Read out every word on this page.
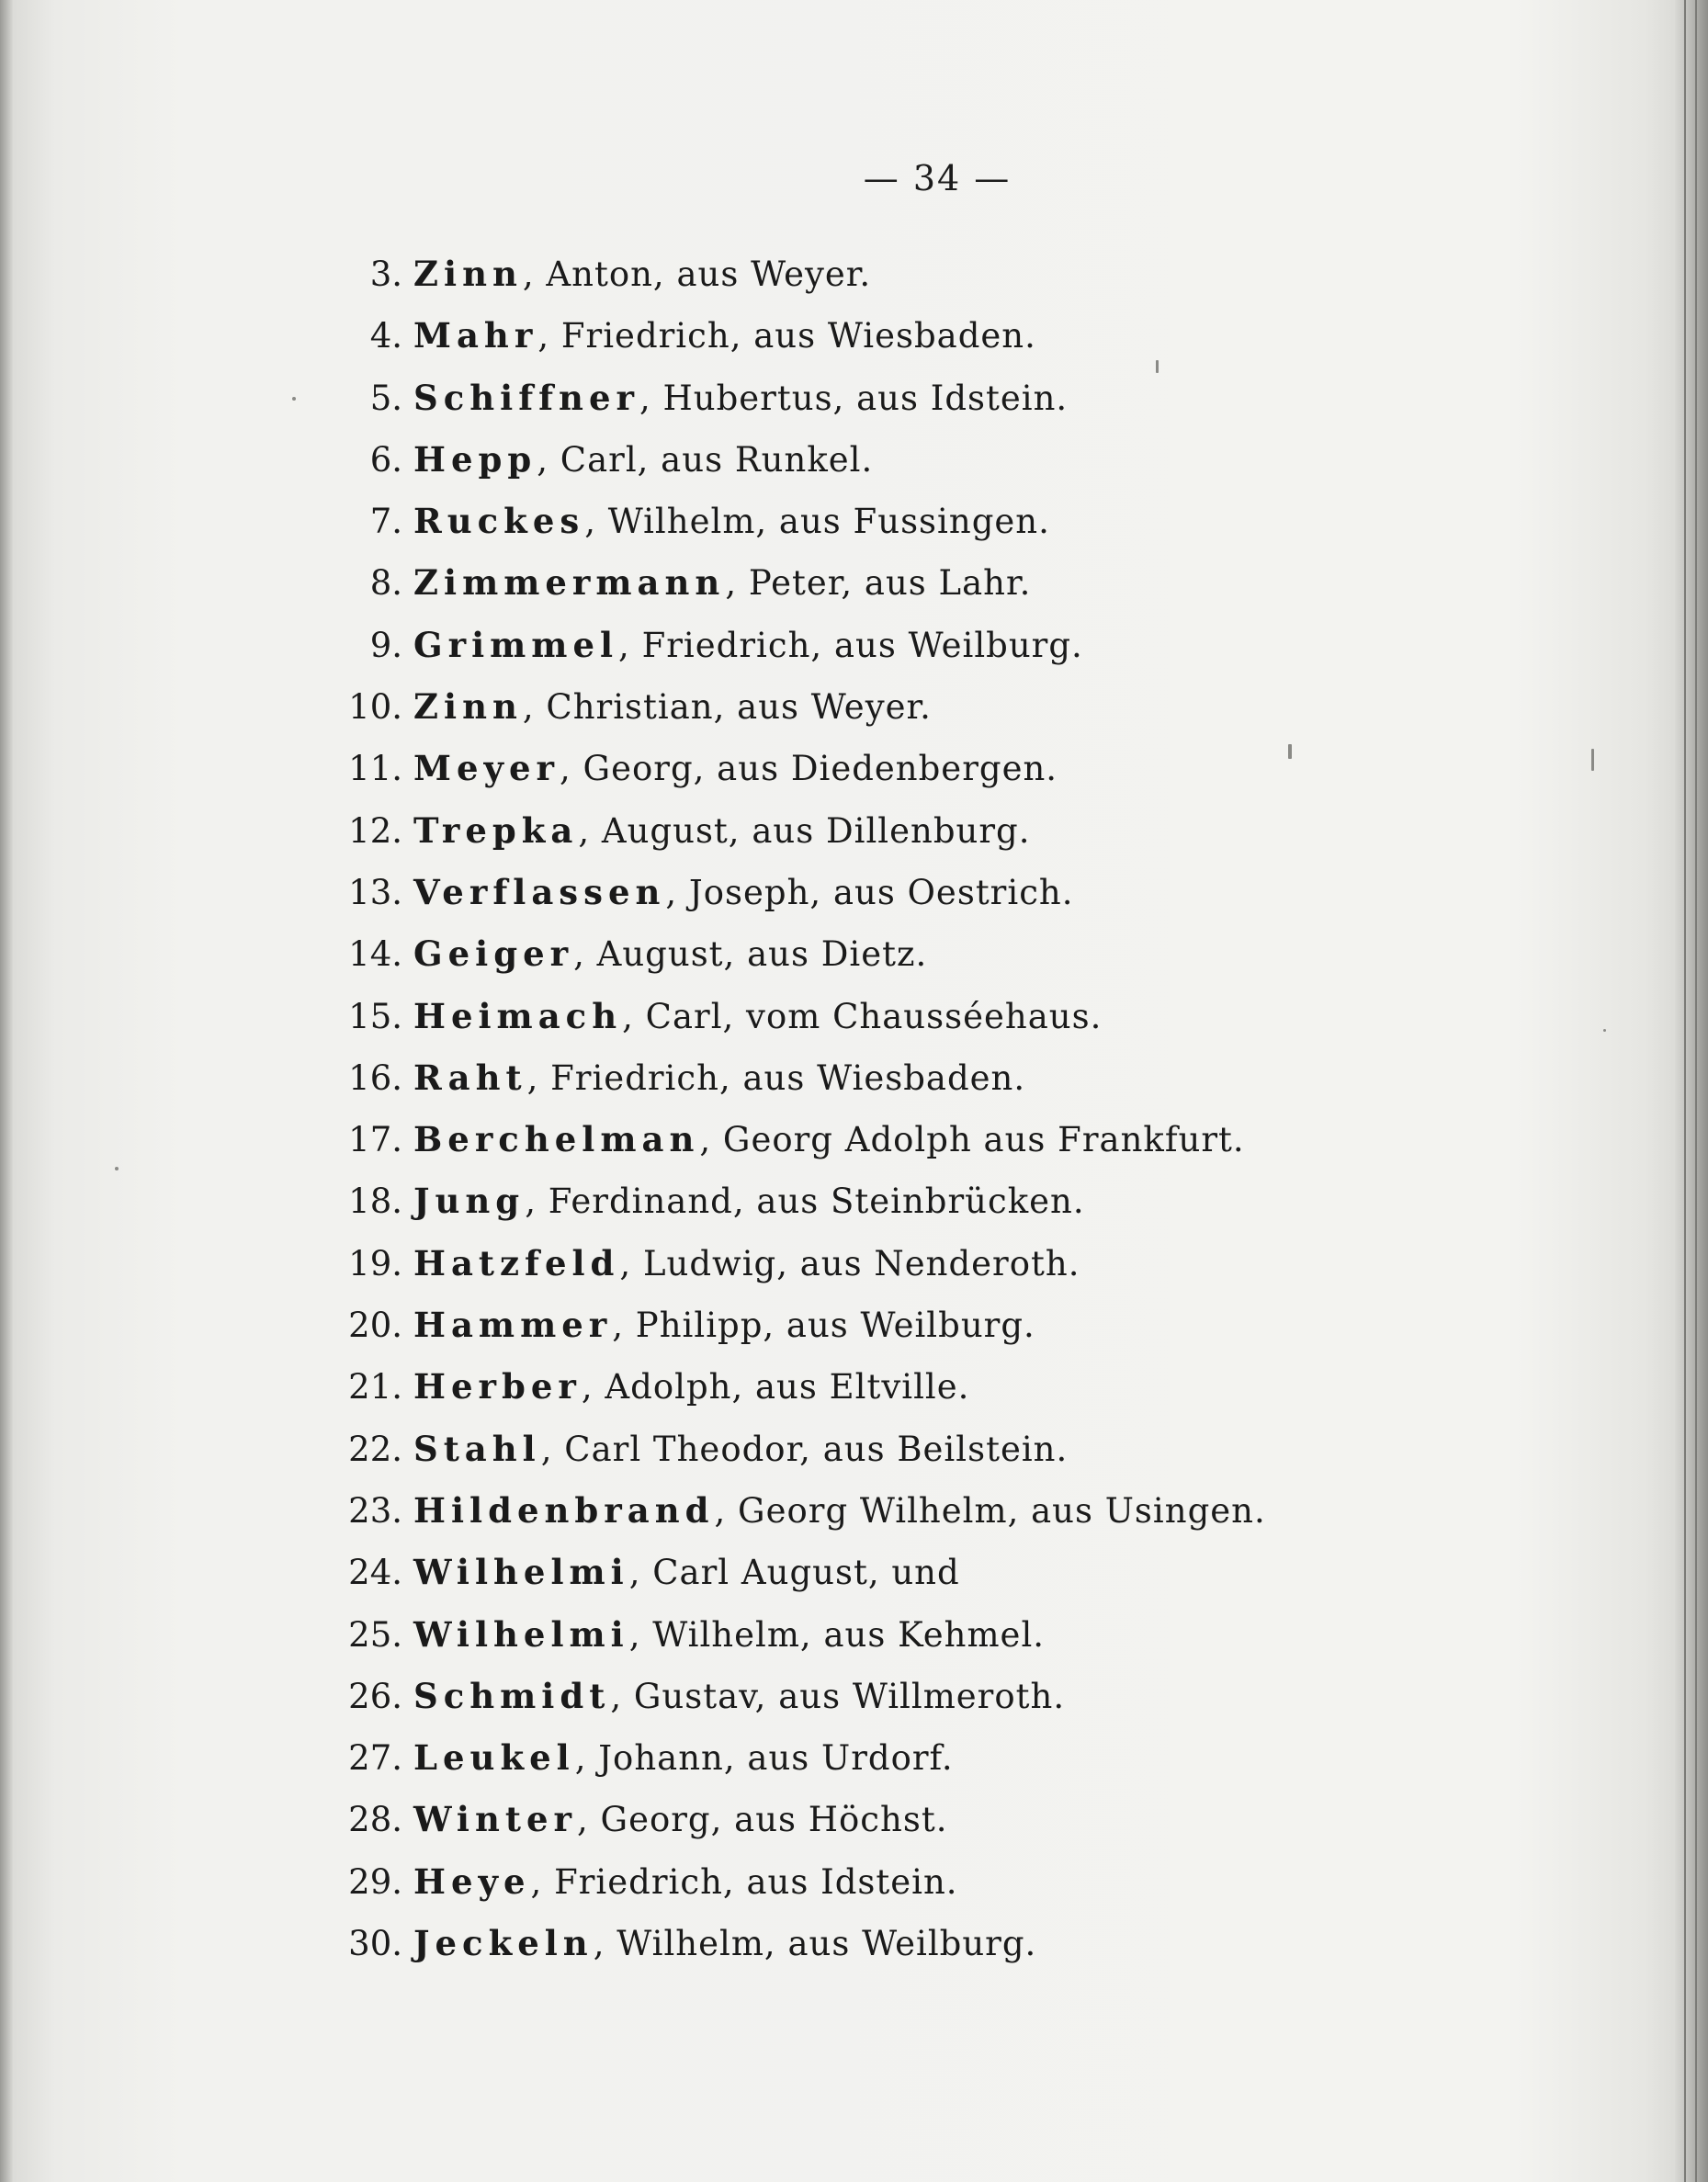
— 34 —
3. Zinn, Anton, aus Weyer.
4. Mahr, Friedrich, aus Wiesbaden.
5. Schiffner, Hubertus, aus Idstein.
6. Hepp, Carl, aus Runkel.
7. Ruckes, Wilhelm, aus Fussingen.
8. Zimmermann, Peter, aus Lahr.
9. Grimmel, Friedrich, aus Weilburg.
10. Zinn, Christian, aus Weyer.
11. Meyer, Georg, aus Diedenbergen.
12. Trepka, August, aus Dillenburg.
13. Verflassen, Joseph, aus Oestrich.
14. Geiger, August, aus Dietz.
15. Heimach, Carl, vom Chausséehaus.
16. Raht, Friedrich, aus Wiesbaden.
17. Berchelman, Georg Adolph aus Frankfurt.
18. Jung, Ferdinand, aus Steinbrücken.
19. Hatzfeld, Ludwig, aus Nenderoth.
20. Hammer, Philipp, aus Weilburg.
21. Herber, Adolph, aus Eltville.
22. Stahl, Carl Theodor, aus Beilstein.
23. Hildenbrand, Georg Wilhelm, aus Usingen.
24. Wilhelmi, Carl August, und
25. Wilhelmi, Wilhelm, aus Kehmel.
26. Schmidt, Gustav, aus Willmeroth.
27. Leukel, Johann, aus Urdorf.
28. Winter, Georg, aus Höchst.
29. Heye, Friedrich, aus Idstein.
30. Jeckeln, Wilhelm, aus Weilburg.
